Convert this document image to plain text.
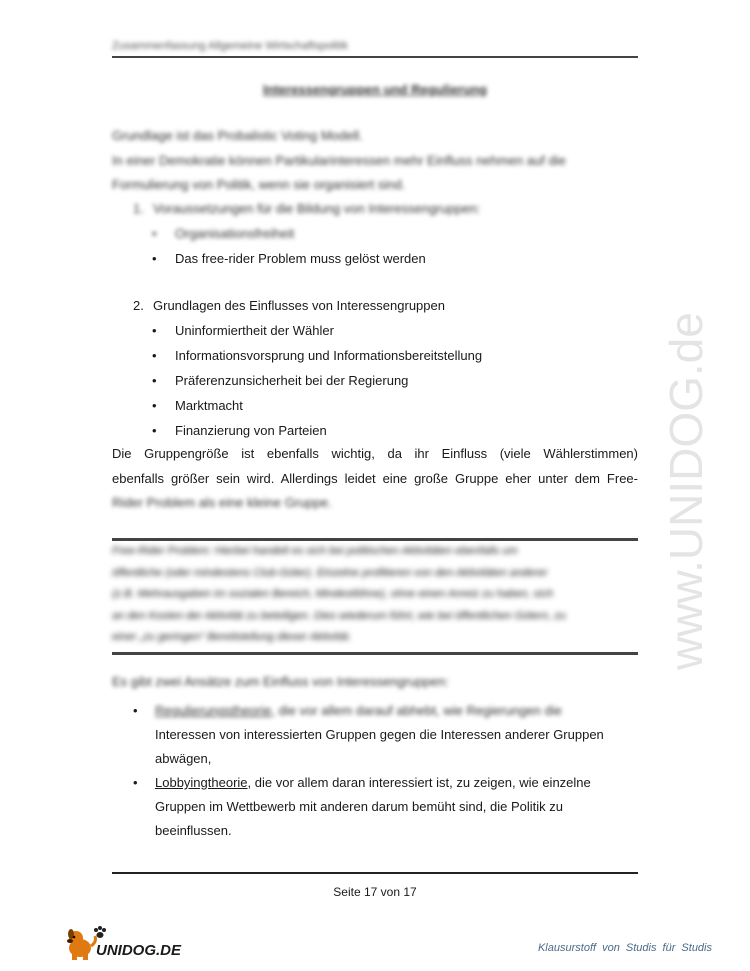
Zusammenfassung Allgemeine Wirtschaftspolitik
Interessengruppen und Regulierung
Grundlage ist das Probalistic Voting Modell.
In einer Demokratie können Partikularinteressen mehr Einfluss nehmen auf die
Formulierung von Politik, wenn sie organisiert sind.
1. Voraussetzungen für die Bildung von Interessengruppen:
• Organisationsfreiheit
• Das free-rider Problem muss gelöst werden
2. Grundlagen des Einflusses von Interessengruppen
• Uninformiertheit der Wähler
• Informationsvorsprung und Informationsbereitstellung
• Präferenzunsicherheit bei der Regierung
• Marktmacht
• Finanzierung von Parteien
Die Gruppengröße ist ebenfalls wichtig, da ihr Einfluss (viele Wählerstimmen)
ebenfalls größer sein wird. Allerdings leidet eine große Gruppe eher unter dem Free-
Rider Problem als eine kleine Gruppe.
Free-Rider Problem: Hierbei handelt es sich bei politischen Aktivitäten ebenfalls um
öffentliche (oder mindestens Club-Güter). Einzelne profitieren von den Aktivitäten anderer
(z.B. Mehrausgaben im sozialen Bereich, Mindestlöhne), ohne einen Anreiz zu haben, sich
an den Kosten der Aktivität zu beteiligen. Dies wiederum führt, wie bei öffentlichen Gütern, zu
einer „zu geringen“ Bereitstellung dieser Aktivität.
Es gibt zwei Ansätze zum Einfluss von Interessengruppen:
• Regulierungstheorie, die vor allem darauf abhebt, wie Regierungen die
Interessen von interessierten Gruppen gegen die Interessen anderer Gruppen
abwägen,
• Lobbyingtheorie, die vor allem daran interessiert ist, zu zeigen, wie einzelne
Gruppen im Wettbewerb mit anderen darum bemüht sind, die Politik zu
beeinflussen.
Seite 17 von 17
www.UNIDOG.de
UNIDOG.DE	Klausurstoff von Studis für Studis
